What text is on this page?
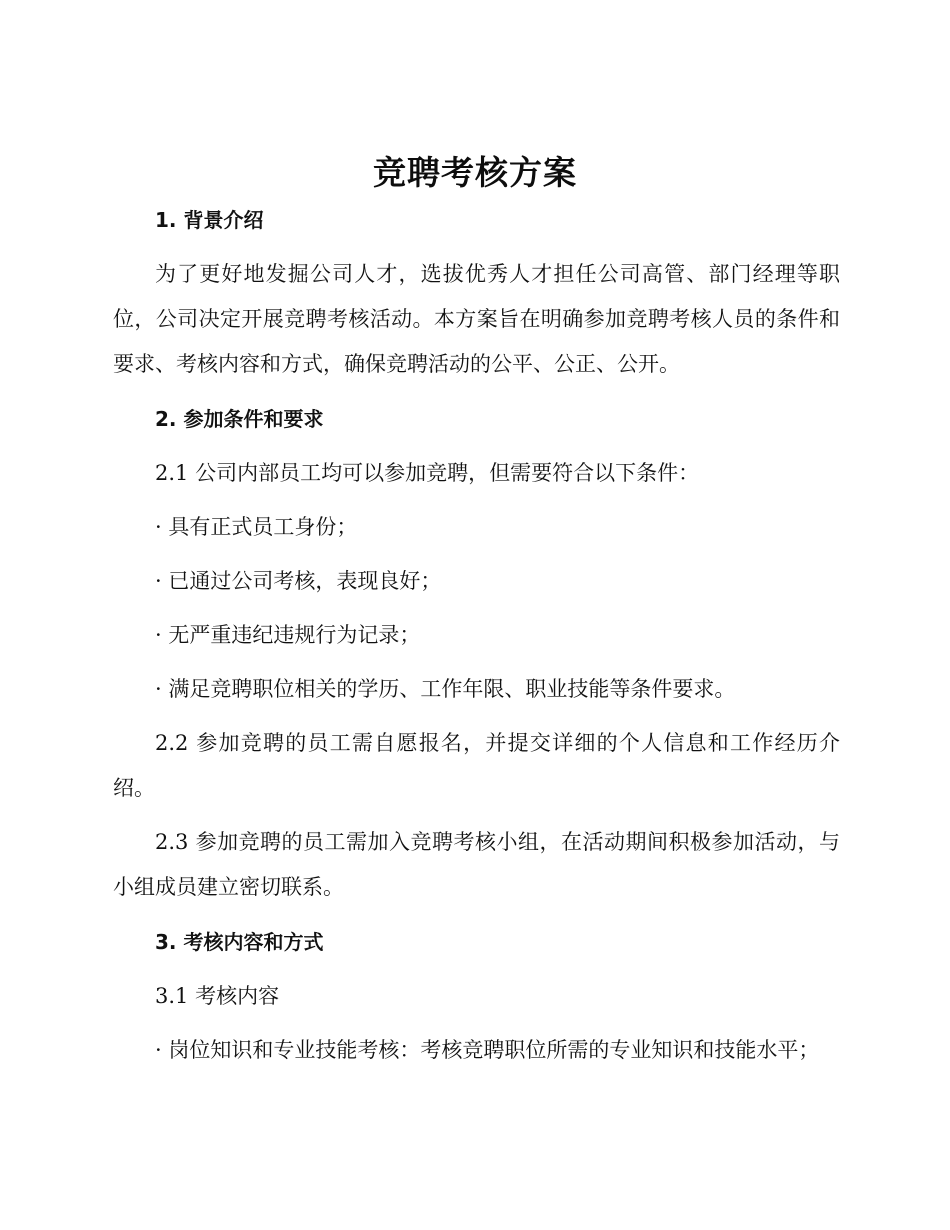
竞聘考核方案

1. 背景介绍

为了更好地发掘公司人才，选拔优秀人才担任公司高管、部门经理等职位，公司决定开展竞聘考核活动。本方案旨在明确参加竞聘考核人员的条件和要求、考核内容和方式，确保竞聘活动的公平、公正、公开。

2. 参加条件和要求

2.1 公司内部员工均可以参加竞聘，但需要符合以下条件：

· 具有正式员工身份；

· 已通过公司考核，表现良好；

· 无严重违纪违规行为记录；

· 满足竞聘职位相关的学历、工作年限、职业技能等条件要求。

2.2 参加竞聘的员工需自愿报名，并提交详细的个人信息和工作经历介绍。

2.3 参加竞聘的员工需加入竞聘考核小组，在活动期间积极参加活动，与小组成员建立密切联系。

3. 考核内容和方式

3.1 考核内容

· 岗位知识和专业技能考核：考核竞聘职位所需的专业知识和技能水平；
